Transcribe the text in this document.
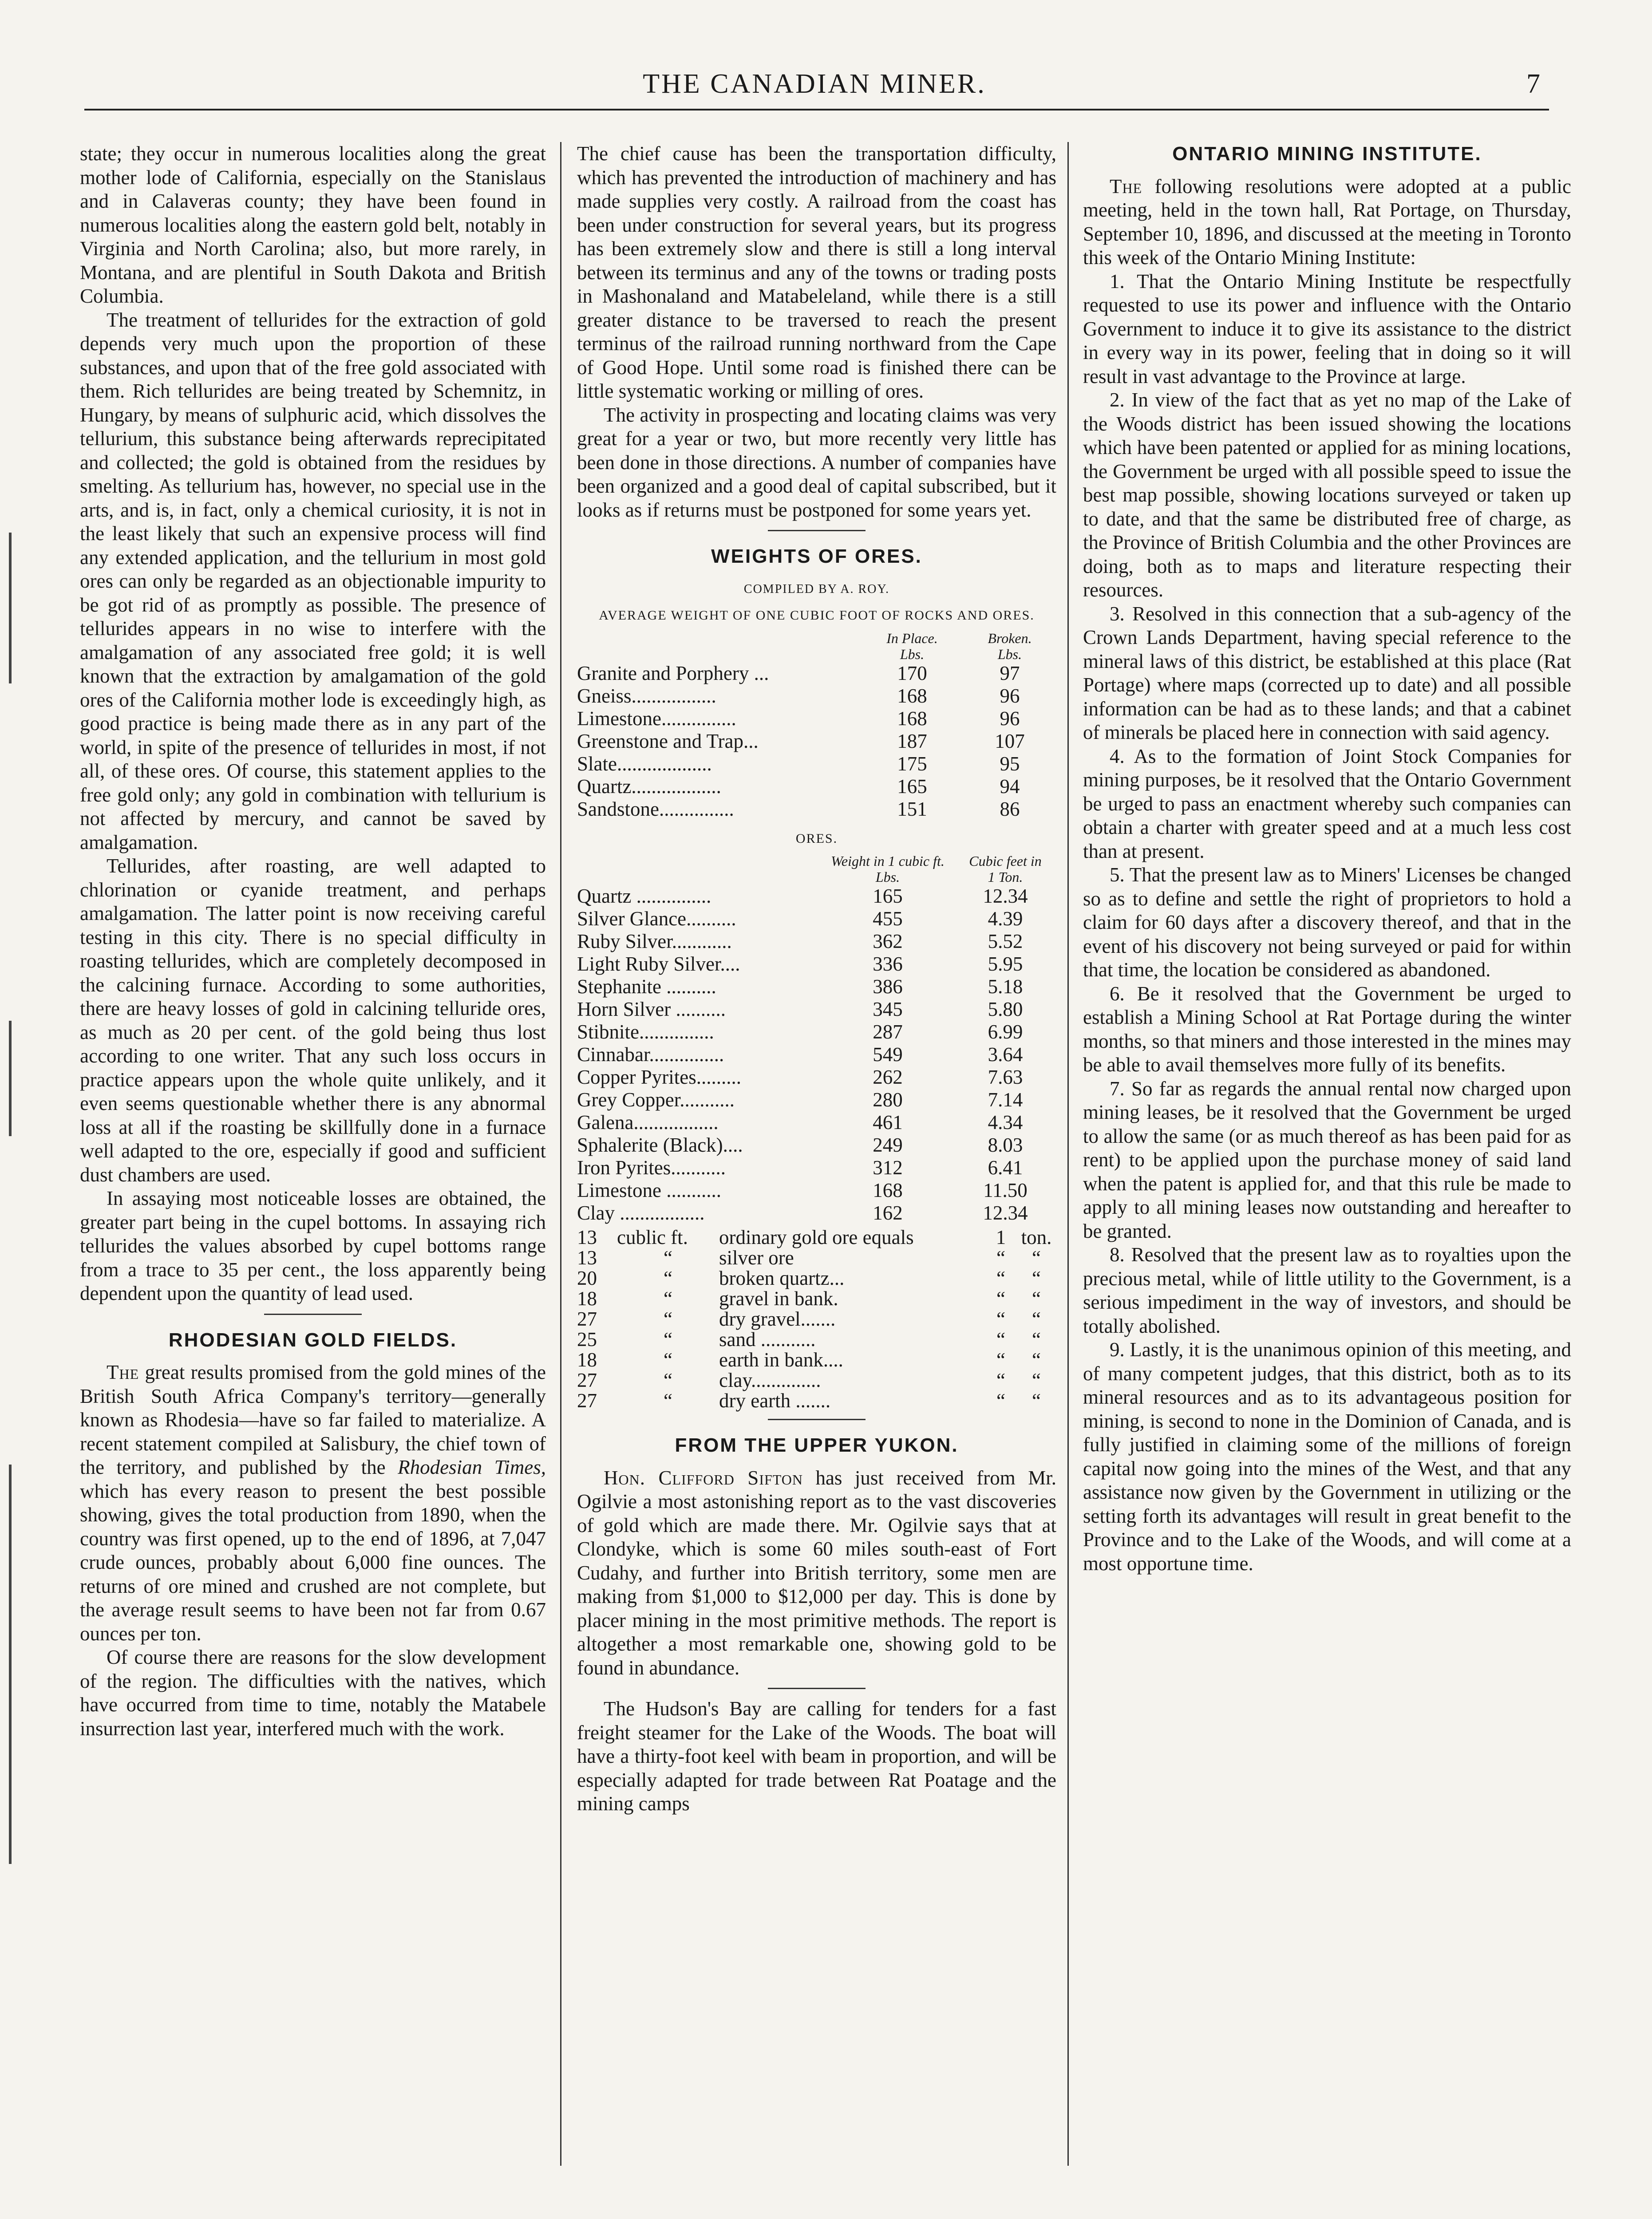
THE CANADIAN MINER.	7

state; they occur in numerous localities along the great mother lode of California, especially on the Stanislaus and in Calaveras county; they have been found in numerous localities along the eastern gold belt, notably in Virginia and North Carolina; also, but more rarely, in Montana, and are plentiful in South Dakota and British Columbia.

The treatment of tellurides for the extraction of gold depends very much upon the proportion of these substances, and upon that of the free gold associated with them. Rich tellurides are being treated by Schemnitz, in Hungary, by means of sulphuric acid, which dissolves the tellurium, this substance being afterwards reprecipitated and collected; the gold is obtained from the residues by smelting. As tellurium has, however, no special use in the arts, and is, in fact, only a chemical curiosity, it is not in the least likely that such an expensive process will find any extended application, and the tellurium in most gold ores can only be regarded as an objectionable impurity to be got rid of as promptly as possible. The presence of tellurides appears in no wise to interfere with the amalgamation of any associated free gold; it is well known that the extraction by amalgamation of the gold ores of the California mother lode is exceedingly high, as good practice is being made there as in any part of the world, in spite of the presence of tellurides in most, if not all, of these ores. Of course, this statement applies to the free gold only; any gold in combination with tellurium is not affected by mercury, and cannot be saved by amalgamation.

Tellurides, after roasting, are well adapted to chlorination or cyanide treatment, and perhaps amalgamation. The latter point is now receiving careful testing in this city. There is no special difficulty in roasting tellurides, which are completely decomposed in the calcining furnace. According to some authorities, there are heavy losses of gold in calcining telluride ores, as much as 20 per cent. of the gold being thus lost according to one writer. That any such loss occurs in practice appears upon the whole quite unlikely, and it even seems questionable whether there is any abnormal loss at all if the roasting be skillfully done in a furnace well adapted to the ore, especially if good and sufficient dust chambers are used.

In assaying most noticeable losses are obtained, the greater part being in the cupel bottoms. In assaying rich tellurides the values absorbed by cupel bottoms range from a trace to 35 per cent., the loss apparently being dependent upon the quantity of lead used.

RHODESIAN GOLD FIELDS.

The great results promised from the gold mines of the British South Africa Company's territory—generally known as Rhodesia—have so far failed to materialize. A recent statement compiled at Salisbury, the chief town of the territory, and published by the Rhodesian Times, which has every reason to present the best possible showing, gives the total production from 1890, when the country was first opened, up to the end of 1896, at 7,047 crude ounces, probably about 6,000 fine ounces. The returns of ore mined and crushed are not complete, but the average result seems to have been not far from 0.67 ounces per ton.

Of course there are reasons for the slow development of the region. The difficulties with the natives, which have occurred from time to time, notably the Matabele insurrection last year, interfered much with the work.

The chief cause has been the transportation difficulty, which has prevented the introduction of machinery and has made supplies very costly. A railroad from the coast has been under construction for several years, but its progress has been extremely slow and there is still a long interval between its terminus and any of the towns or trading posts in Mashonaland and Matabeleland, while there is a still greater distance to be traversed to reach the present terminus of the railroad running northward from the Cape of Good Hope. Until some road is finished there can be little systematic working or milling of ores.

The activity in prospecting and locating claims was very great for a year or two, but more recently very little has been done in those directions. A number of companies have been organized and a good deal of capital subscribed, but it looks as if returns must be postponed for some years yet.

WEIGHTS OF ORES.
COMPILED BY A. ROY.
AVERAGE WEIGHT OF ONE CUBIC FOOT OF ROCKS AND ORES.
	In Place.	Broken.
	Lbs.	Lbs.
Granite and Porphery ...	170	97
Gneiss.................	168	96
Limestone...............	168	96
Greenstone and Trap...	187	107
Slate...................	175	95
Quartz..................	165	94
Sandstone...............	151	86
ORES.
	Weight in 1 cubic ft.	Cubic feet in
	Lbs.	1 Ton.
Quartz ...............	165	12.34
Silver Glance..........	455	4.39
Ruby Silver............	362	5.52
Light Ruby Silver....	336	5.95
Stephanite ..........	386	5.18
Horn Silver ..........	345	5.80
Stibnite...............	287	6.99
Cinnabar...............	549	3.64
Copper Pyrites.........	262	7.63
Grey Copper...........	280	7.14
Galena.................	461	4.34
Sphalerite (Black)....	249	8.03
Iron Pyrites...........	312	6.41
Limestone ...........	168	11.50
Clay .................	162	12.34
13	cublic ft.	ordinary gold ore equals	1	ton.
13	“	silver ore	“	“
20	“	broken quartz...	“	“
18	“	gravel in bank.	“	“
27	“	dry gravel.......	“	“
25	“	sand ...........	“	“
18	“	earth in bank....	“	“
27	“	clay..............	“	“
27	“	dry earth .......	“	“
FROM THE UPPER YUKON.

Hon. Clifford Sifton has just received from Mr. Ogilvie a most astonishing report as to the vast discoveries of gold which are made there. Mr. Ogilvie says that at Clondyke, which is some 60 miles south-east of Fort Cudahy, and further into British territory, some men are making from $1,000 to $12,000 per day. This is done by placer mining in the most primitive methods. The report is altogether a most remarkable one, showing gold to be found in abundance.

The Hudson's Bay are calling for tenders for a fast freight steamer for the Lake of the Woods. The boat will have a thirty-foot keel with beam in proportion, and will be especially adapted for trade between Rat Poatage and the mining camps

ONTARIO MINING INSTITUTE.

The following resolutions were adopted at a public meeting, held in the town hall, Rat Portage, on Thursday, September 10, 1896, and discussed at the meeting in Toronto this week of the Ontario Mining Institute:

1. That the Ontario Mining Institute be respectfully requested to use its power and influence with the Ontario Government to induce it to give its assistance to the district in every way in its power, feeling that in doing so it will result in vast advantage to the Province at large.

2. In view of the fact that as yet no map of the Lake of the Woods district has been issued showing the locations which have been patented or applied for as mining locations, the Government be urged with all possible speed to issue the best map possible, showing locations surveyed or taken up to date, and that the same be distributed free of charge, as the Province of British Columbia and the other Provinces are doing, both as to maps and literature respecting their resources.

3. Resolved in this connection that a sub-agency of the Crown Lands Department, having special reference to the mineral laws of this district, be established at this place (Rat Portage) where maps (corrected up to date) and all possible information can be had as to these lands; and that a cabinet of minerals be placed here in connection with said agency.

4. As to the formation of Joint Stock Companies for mining purposes, be it resolved that the Ontario Government be urged to pass an enactment whereby such companies can obtain a charter with greater speed and at a much less cost than at present.

5. That the present law as to Miners' Licenses be changed so as to define and settle the right of proprietors to hold a claim for 60 days after a discovery thereof, and that in the event of his discovery not being surveyed or paid for within that time, the location be considered as abandoned.

6. Be it resolved that the Government be urged to establish a Mining School at Rat Portage during the winter months, so that miners and those interested in the mines may be able to avail themselves more fully of its benefits.

7. So far as regards the annual rental now charged upon mining leases, be it resolved that the Government be urged to allow the same (or as much thereof as has been paid for as rent) to be applied upon the purchase money of said land when the patent is applied for, and that this rule be made to apply to all mining leases now outstanding and hereafter to be granted.

8. Resolved that the present law as to royalties upon the precious metal, while of little utility to the Government, is a serious impediment in the way of investors, and should be totally abolished.

9. Lastly, it is the unanimous opinion of this meeting, and of many competent judges, that this district, both as to its mineral resources and as to its advantageous position for mining, is second to none in the Dominion of Canada, and is fully justified in claiming some of the millions of foreign capital now going into the mines of the West, and that any assistance now given by the Government in utilizing or the setting forth its advantages will result in great benefit to the Province and to the Lake of the Woods, and will come at a most opportune time.
